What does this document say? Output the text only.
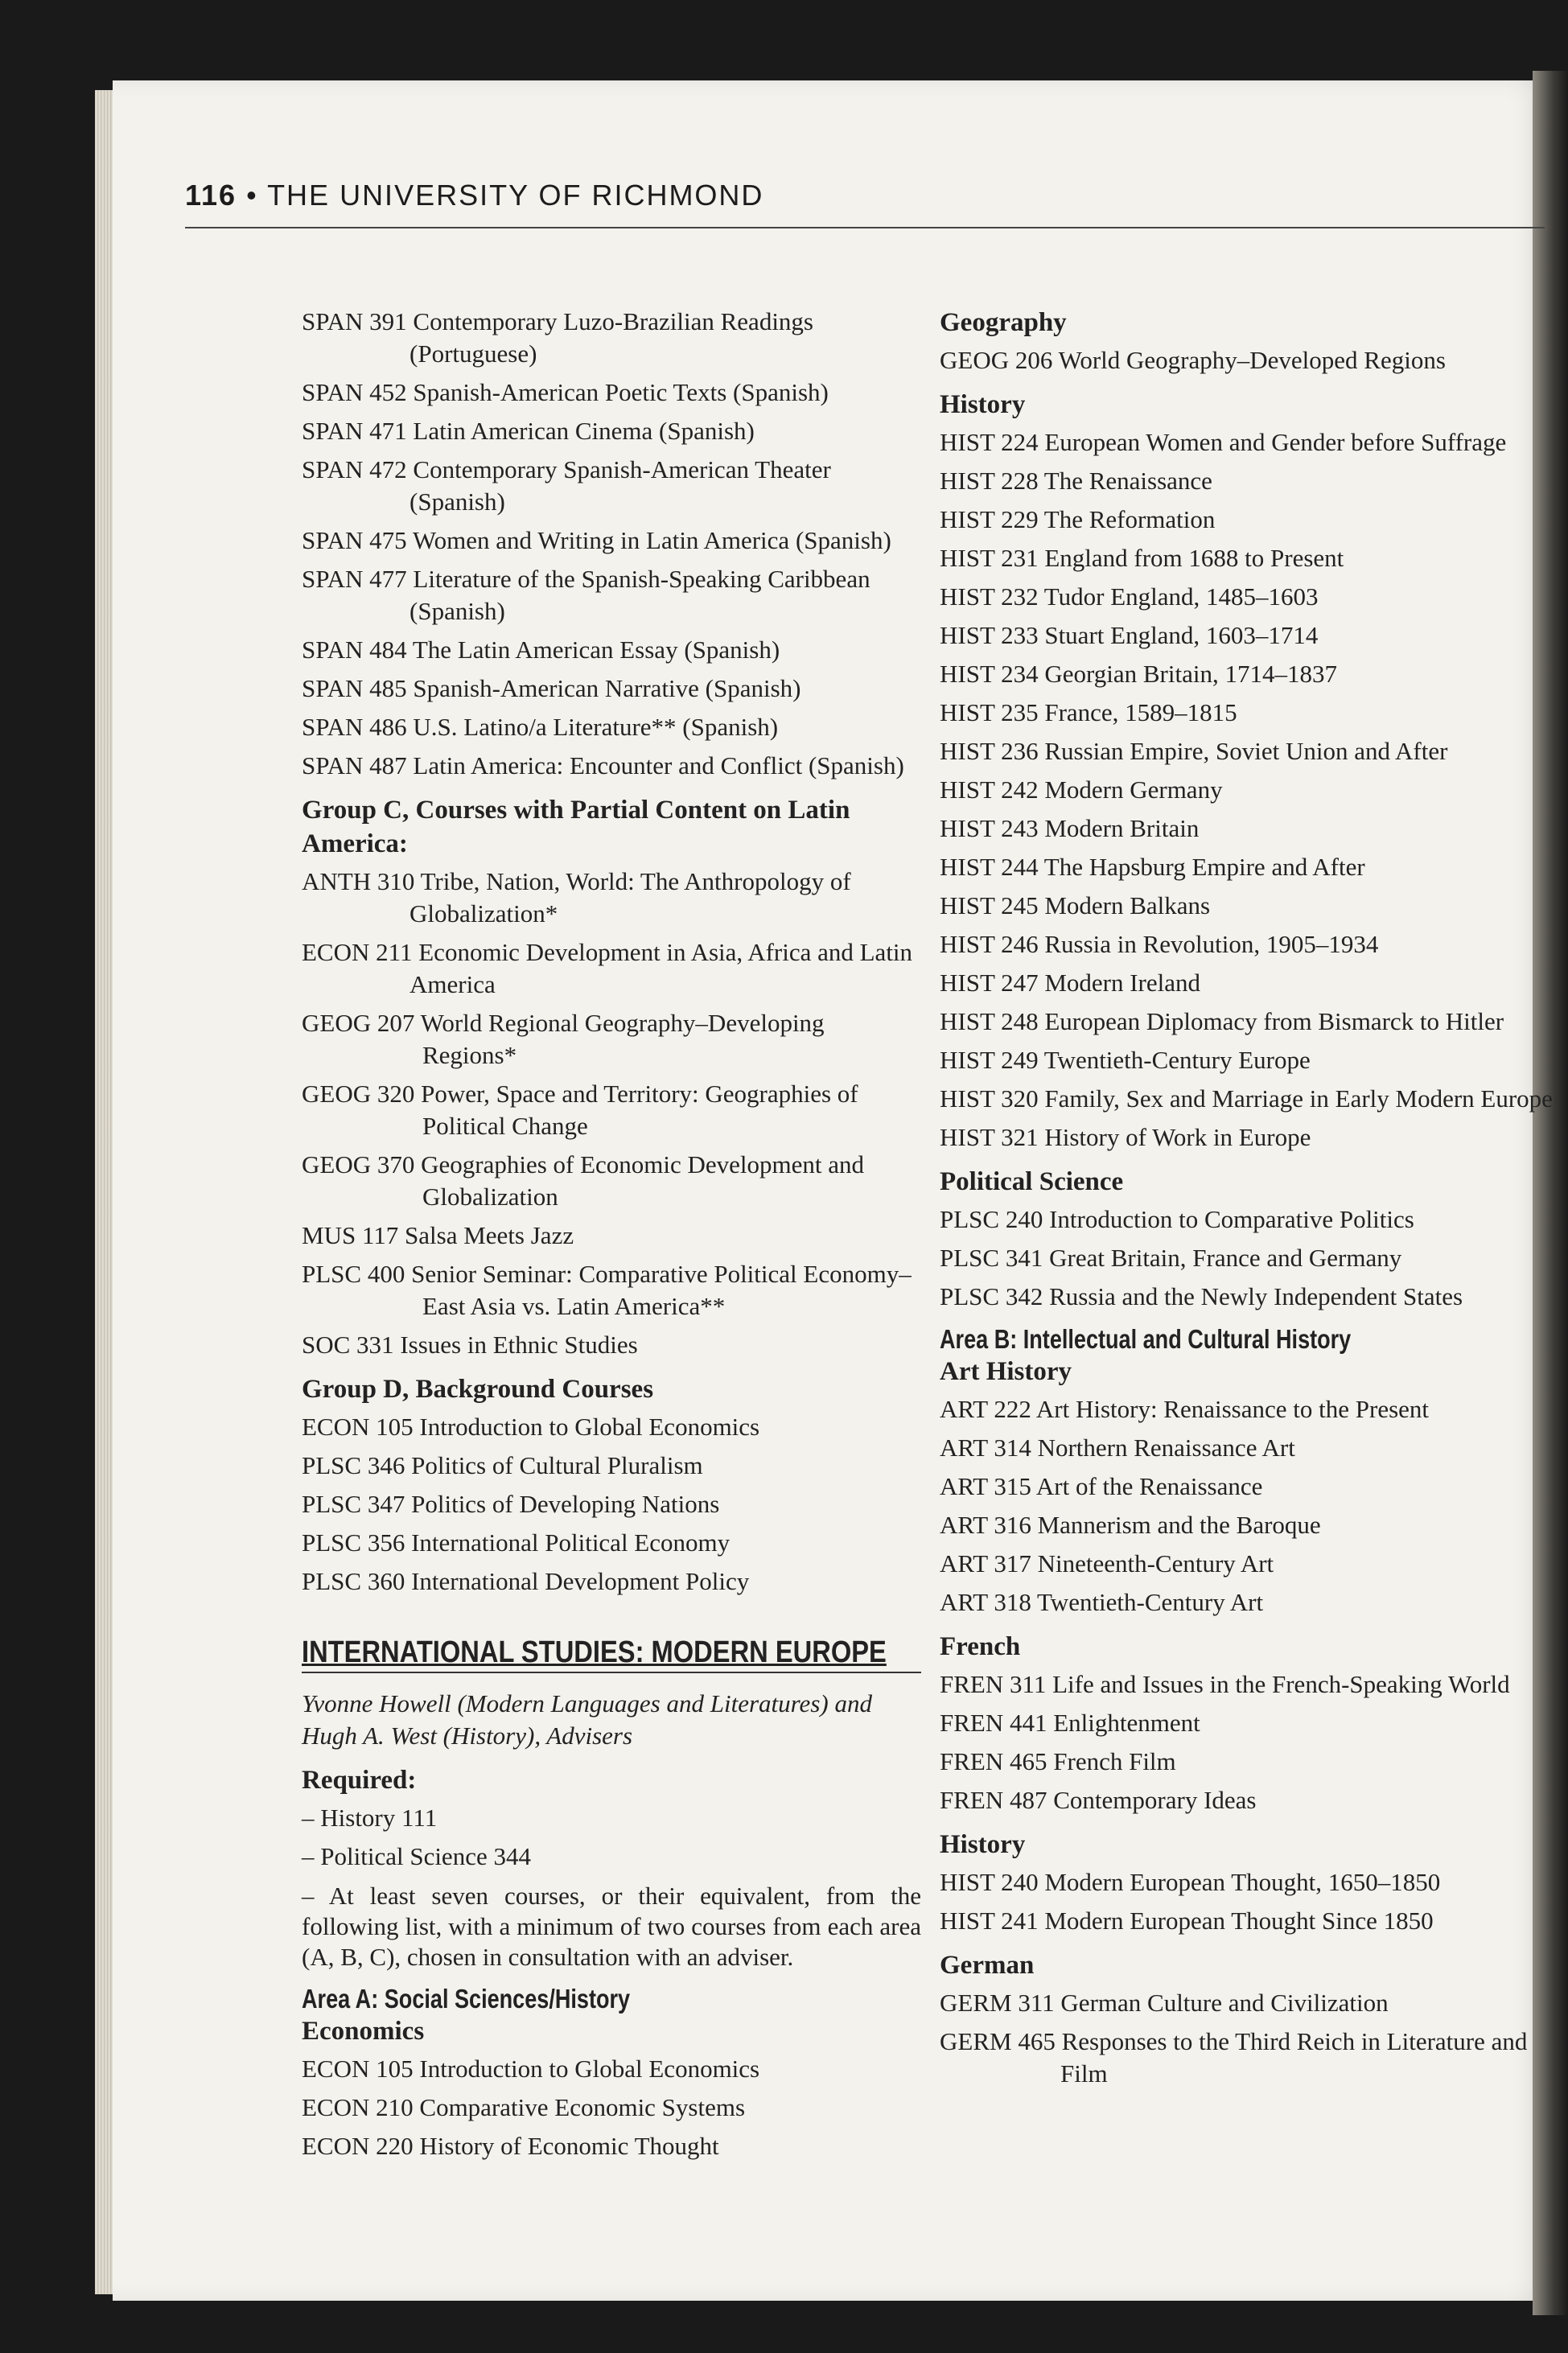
116 • THE UNIVERSITY OF RICHMOND
SPAN 391 Contemporary Luzo-Brazilian Readings (Portuguese)
SPAN 452 Spanish-American Poetic Texts (Spanish)
SPAN 471 Latin American Cinema (Spanish)
SPAN 472 Contemporary Spanish-American Theater (Spanish)
SPAN 475 Women and Writing in Latin America (Spanish)
SPAN 477 Literature of the Spanish-Speaking Caribbean (Spanish)
SPAN 484 The Latin American Essay (Spanish)
SPAN 485 Spanish-American Narrative (Spanish)
SPAN 486 U.S. Latino/a Literature** (Spanish)
SPAN 487 Latin America: Encounter and Conflict (Spanish)
Group C, Courses with Partial Content on Latin America:
ANTH 310 Tribe, Nation, World: The Anthropology of Globalization*
ECON 211 Economic Development in Asia, Africa and Latin America
GEOG 207 World Regional Geography–Developing Regions*
GEOG 320 Power, Space and Territory: Geographies of Political Change
GEOG 370 Geographies of Economic Development and Globalization
MUS 117 Salsa Meets Jazz
PLSC 400 Senior Seminar: Comparative Political Economy–East Asia vs. Latin America**
SOC 331 Issues in Ethnic Studies
Group D, Background Courses
ECON 105 Introduction to Global Economics
PLSC 346 Politics of Cultural Pluralism
PLSC 347 Politics of Developing Nations
PLSC 356 International Political Economy
PLSC 360 International Development Policy
INTERNATIONAL STUDIES: MODERN EUROPE
Yvonne Howell (Modern Languages and Literatures) and Hugh A. West (History), Advisers
Required:
– History 111
– Political Science 344
– At least seven courses, or their equivalent, from the following list, with a minimum of two courses from each area (A, B, C), chosen in consultation with an adviser.
Area A: Social Sciences/History
Economics
ECON 105 Introduction to Global Economics
ECON 210 Comparative Economic Systems
ECON 220 History of Economic Thought
Geography
GEOG 206 World Geography–Developed Regions
History
HIST 224 European Women and Gender before Suffrage
HIST 228 The Renaissance
HIST 229 The Reformation
HIST 231 England from 1688 to Present
HIST 232 Tudor England, 1485–1603
HIST 233 Stuart England, 1603–1714
HIST 234 Georgian Britain, 1714–1837
HIST 235 France, 1589–1815
HIST 236 Russian Empire, Soviet Union and After
HIST 242 Modern Germany
HIST 243 Modern Britain
HIST 244 The Hapsburg Empire and After
HIST 245 Modern Balkans
HIST 246 Russia in Revolution, 1905–1934
HIST 247 Modern Ireland
HIST 248 European Diplomacy from Bismarck to Hitler
HIST 249 Twentieth-Century Europe
HIST 320 Family, Sex and Marriage in Early Modern Europe
HIST 321 History of Work in Europe
Political Science
PLSC 240 Introduction to Comparative Politics
PLSC 341 Great Britain, France and Germany
PLSC 342 Russia and the Newly Independent States
Area B: Intellectual and Cultural History
Art History
ART 222 Art History: Renaissance to the Present
ART 314 Northern Renaissance Art
ART 315 Art of the Renaissance
ART 316 Mannerism and the Baroque
ART 317 Nineteenth-Century Art
ART 318 Twentieth-Century Art
French
FREN 311 Life and Issues in the French-Speaking World
FREN 441 Enlightenment
FREN 465 French Film
FREN 487 Contemporary Ideas
History
HIST 240 Modern European Thought, 1650–1850
HIST 241 Modern European Thought Since 1850
German
GERM 311 German Culture and Civilization
GERM 465 Responses to the Third Reich in Literature and Film
